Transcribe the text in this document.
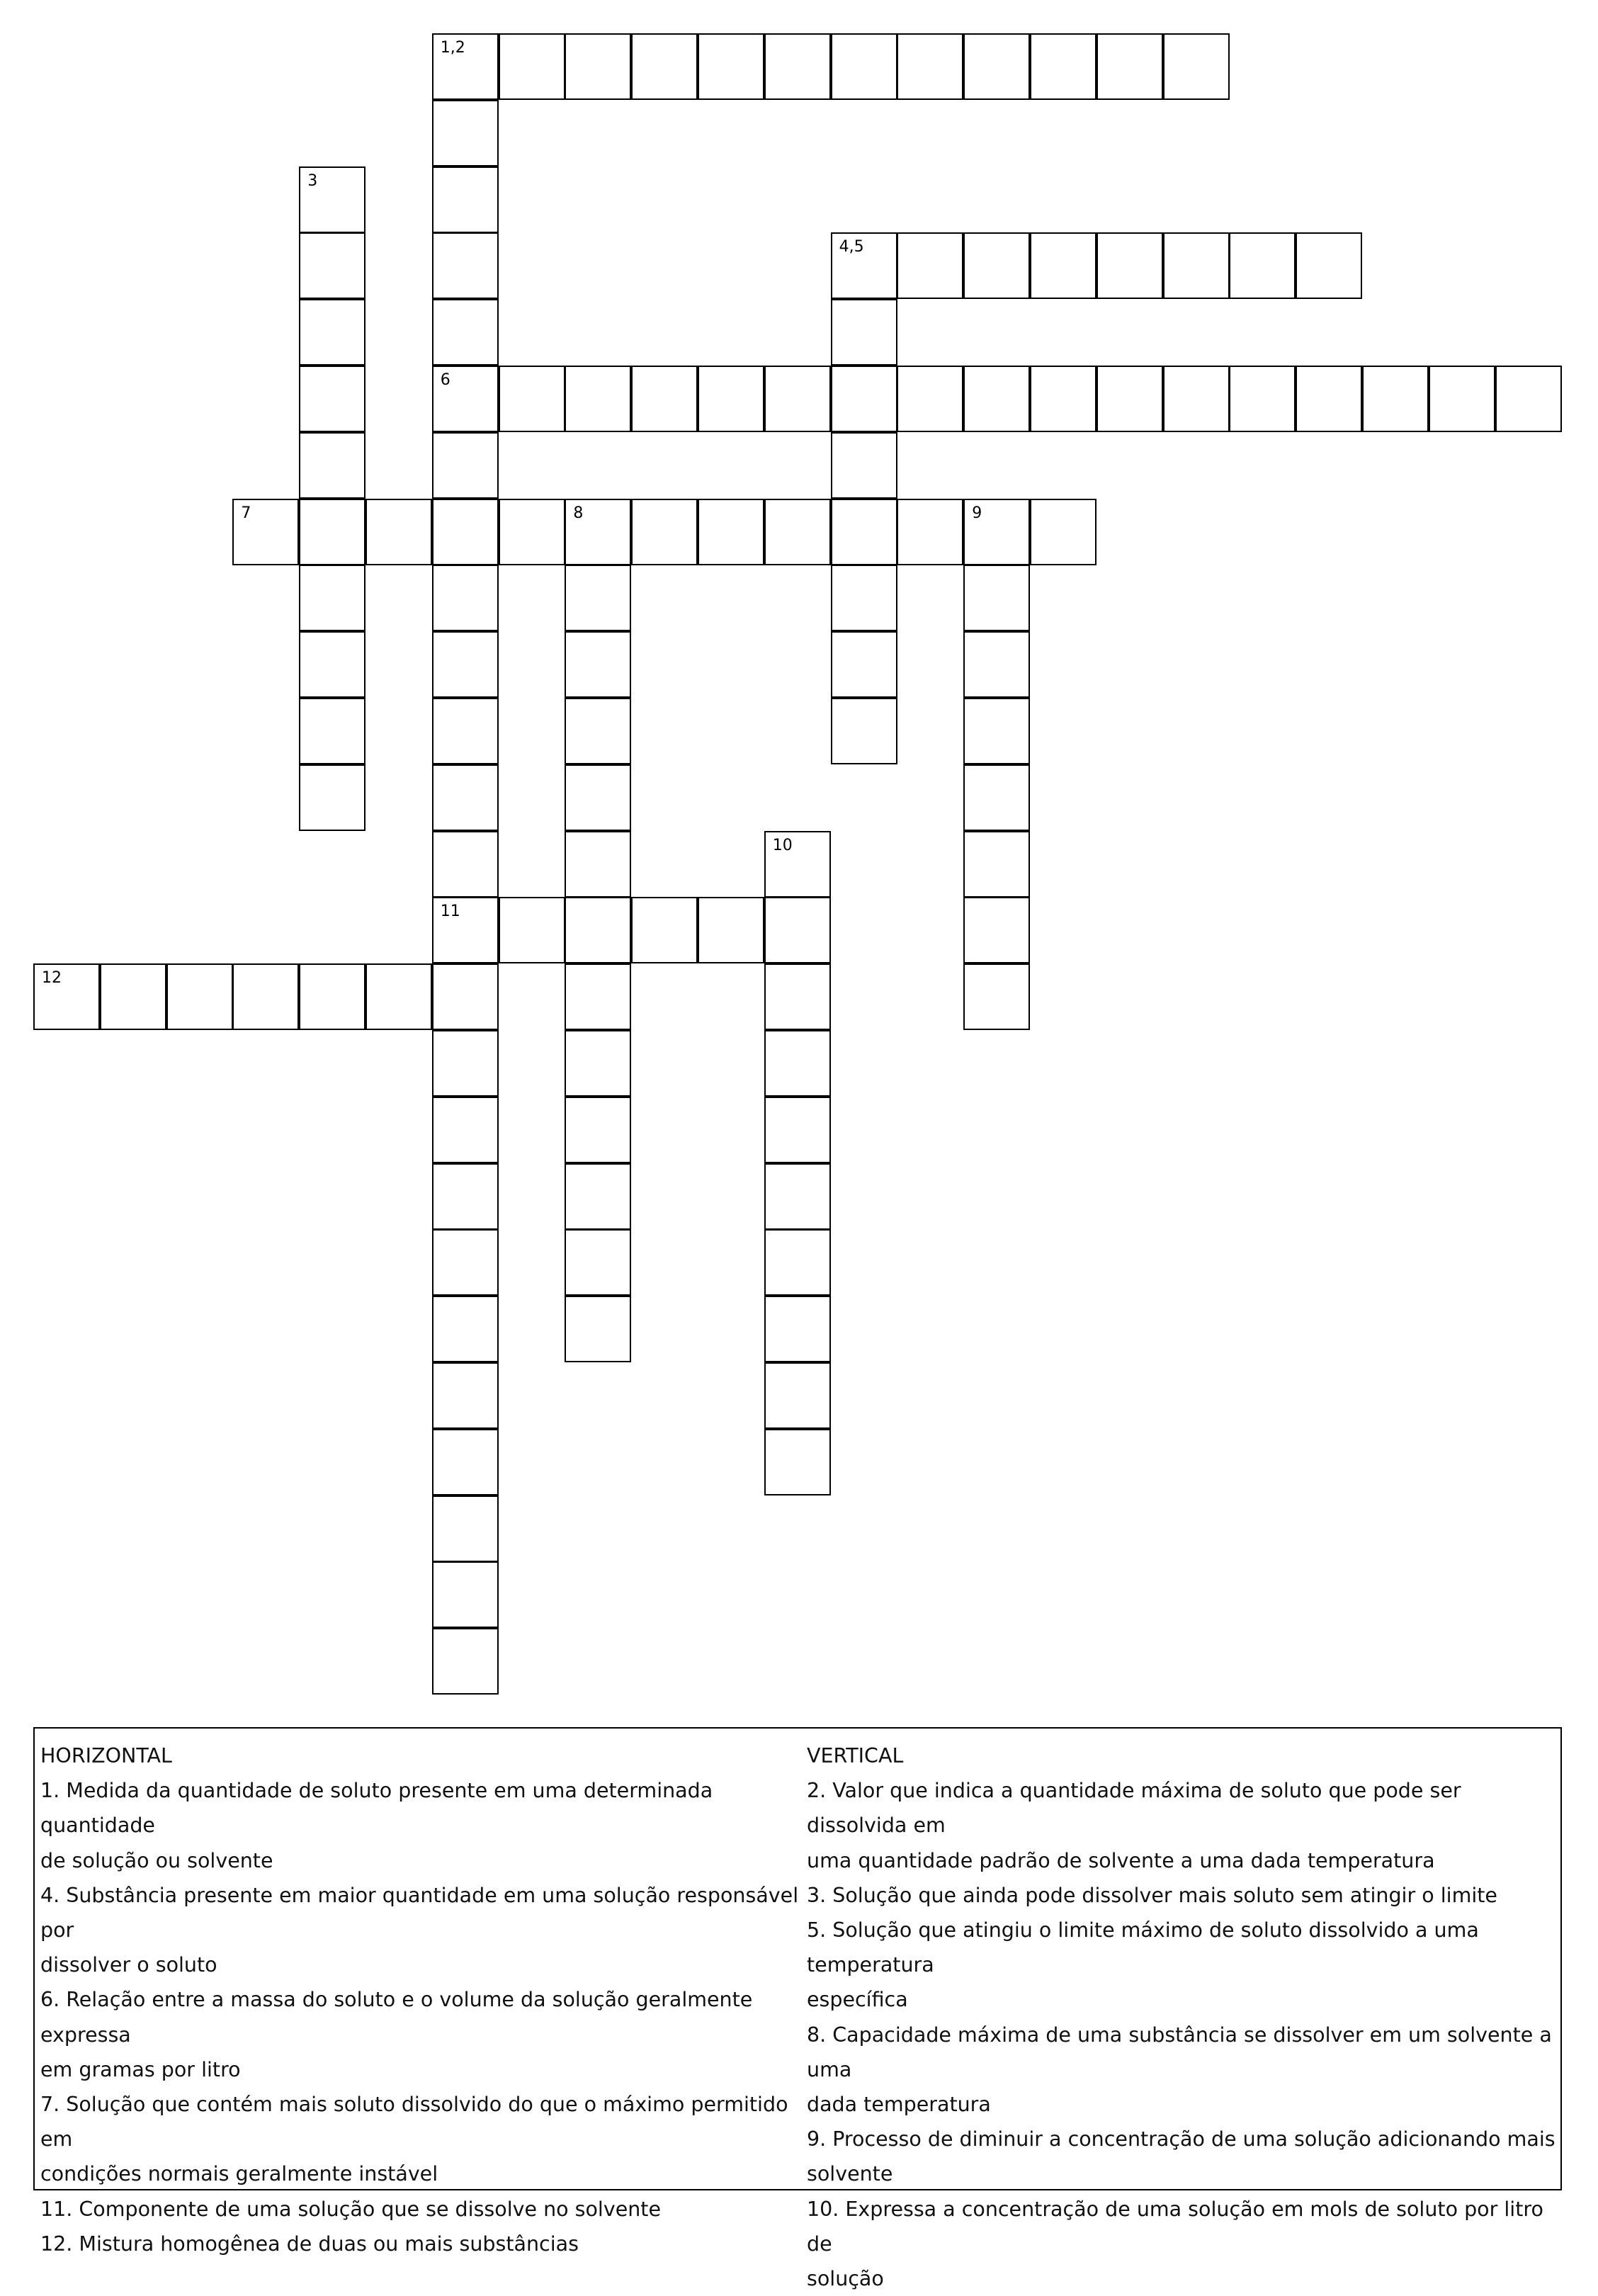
1,2
6
11
3
4,5
7	8	9
10
12
HORIZONTAL
1. Medida da quantidade de soluto presente em uma determinada quantidade
de solução ou solvente
4. Substância presente em maior quantidade em uma solução responsável por
dissolver o soluto
6. Relação entre a massa do soluto e o volume da solução geralmente expressa
em gramas por litro
7. Solução que contém mais soluto dissolvido do que o máximo permitido em
condições normais geralmente instável
11. Componente de uma solução que se dissolve no solvente
12. Mistura homogênea de duas ou mais substâncias
VERTICAL
2. Valor que indica a quantidade máxima de soluto que pode ser dissolvida em
uma quantidade padrão de solvente a uma dada temperatura
3. Solução que ainda pode dissolver mais soluto sem atingir o limite
5. Solução que atingiu o limite máximo de soluto dissolvido a uma temperatura
específica
8. Capacidade máxima de uma substância se dissolver em um solvente a uma
dada temperatura
9. Processo de diminuir a concentração de uma solução adicionando mais
solvente
10. Expressa a concentração de uma solução em mols de soluto por litro de
solução
